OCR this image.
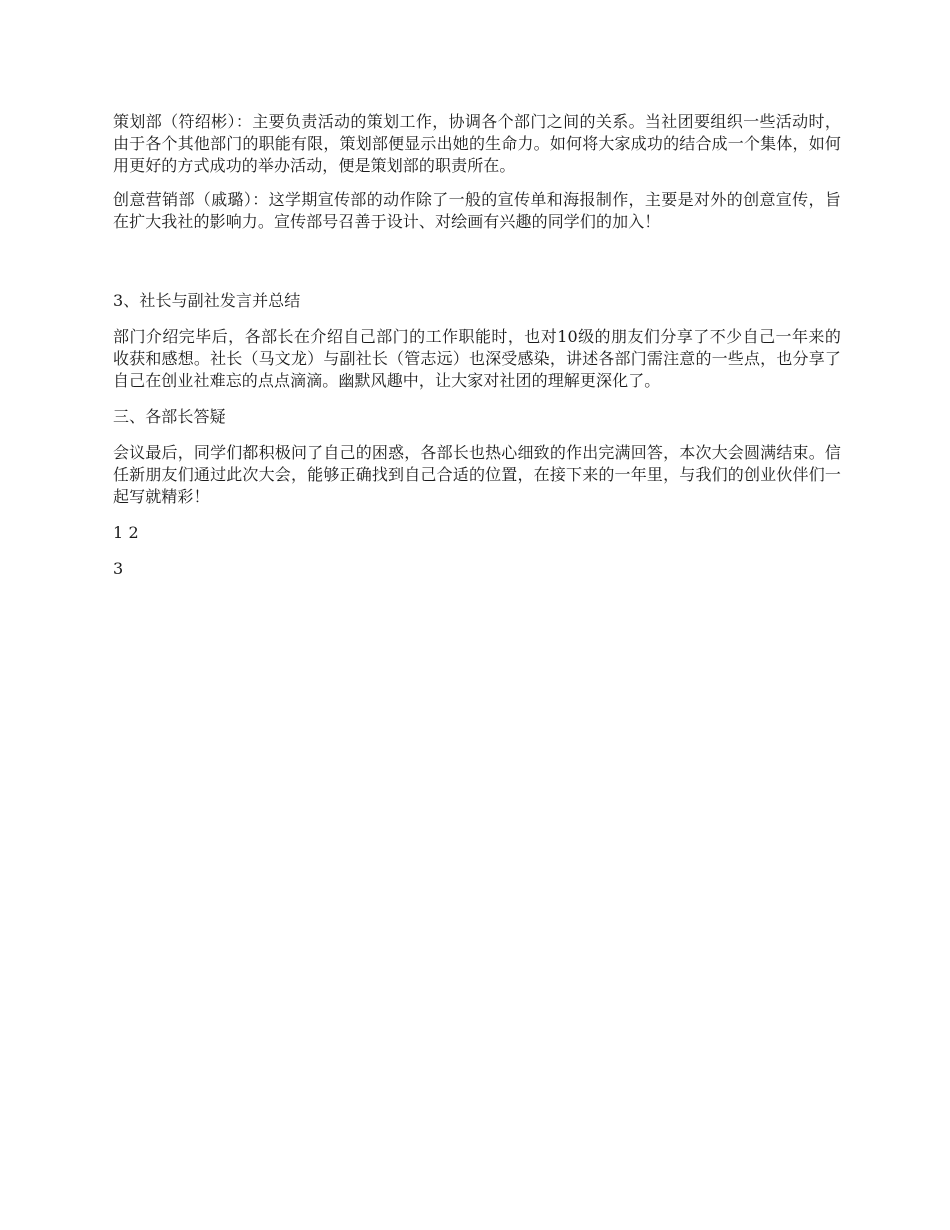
策划部（符绍彬）：主要负责活动的策划工作，协调各个部门之间的关系。当社团要组织一些活动时，由于各个其他部门的职能有限，策划部便显示出她的生命力。如何将大家成功的结合成一个集体，如何用更好的方式成功的举办活动，便是策划部的职责所在。

创意营销部（戚璐）：这学期宣传部的动作除了一般的宣传单和海报制作，主要是对外的创意宣传，旨在扩大我社的影响力。宣传部号召善于设计、对绘画有兴趣的同学们的加入！

3、社长与副社发言并总结

部门介绍完毕后，各部长在介绍自己部门的工作职能时，也对10级的朋友们分享了不少自己一年来的收获和感想。社长（马文龙）与副社长（管志远）也深受感染，讲述各部门需注意的一些点，也分享了自己在创业社难忘的点点滴滴。幽默风趣中，让大家对社团的理解更深化了。

三、各部长答疑

会议最后，同学们都积极问了自己的困惑，各部长也热心细致的作出完满回答，本次大会圆满结束。信任新朋友们通过此次大会，能够正确找到自己合适的位置，在接下来的一年里，与我们的创业伙伴们一起写就精彩！

1 2

3
